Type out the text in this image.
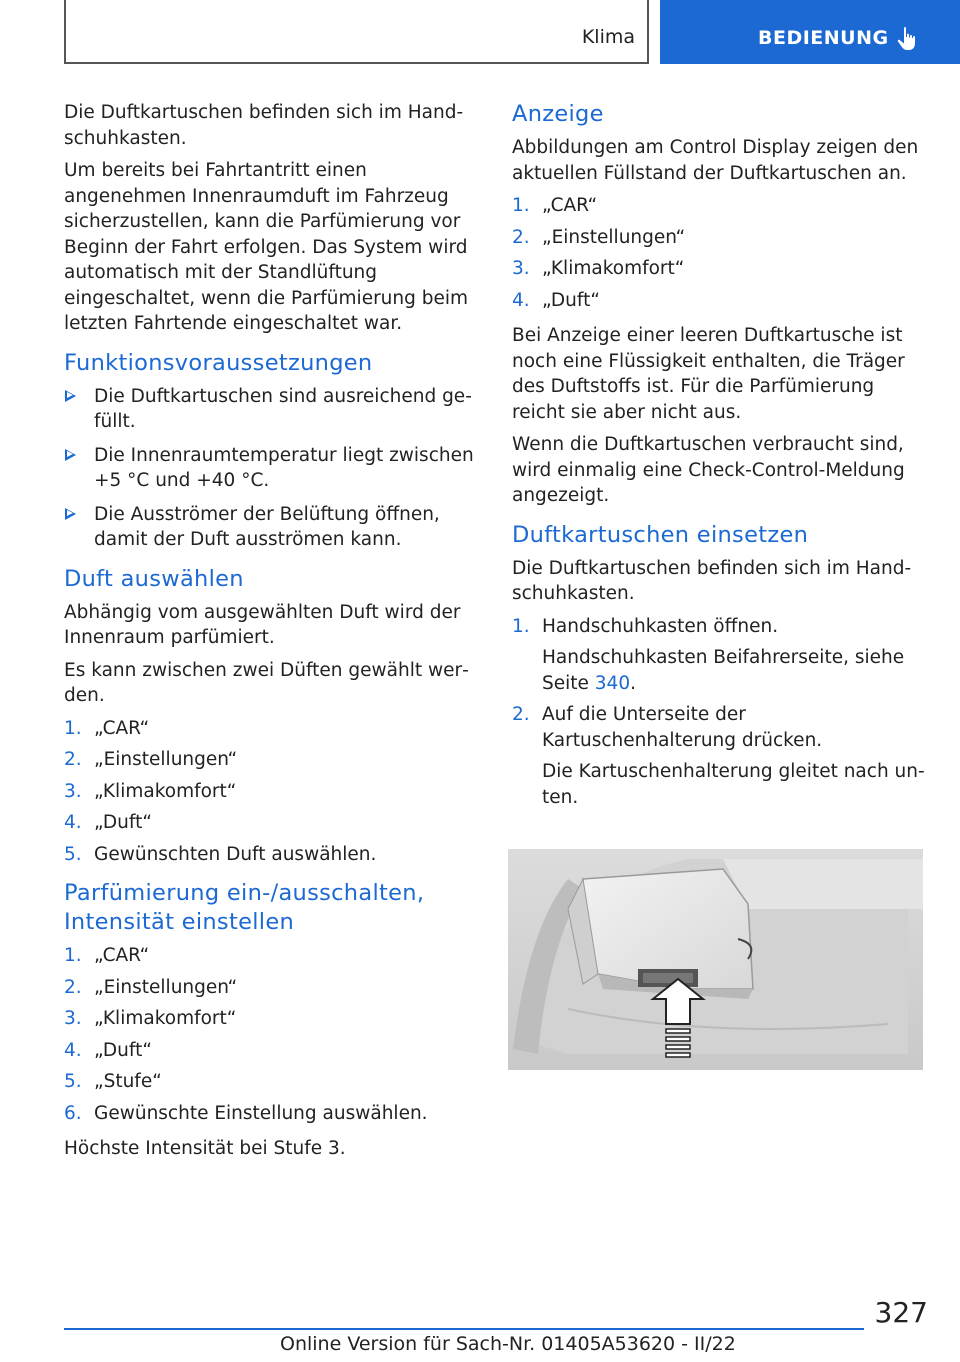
Klima	BEDIENUNG

Die Duftkartuschen befinden sich im Handschuhkasten.

Um bereits bei Fahrtantritt einen angenehmen Innenraumduft im Fahrzeug sicherzustellen, kann die Parfümierung vor Beginn der Fahrt erfolgen. Das System wird automatisch mit der Standlüftung eingeschaltet, wenn die Parfümierung beim letzten Fahrtende eingeschaltet war.

Funktionsvoraussetzungen
Die Duftkartuschen sind ausreichend gefüllt.
Die Innenraumtemperatur liegt zwischen +5 °C und +40 °C.
Die Ausströmer der Belüftung öffnen, damit der Duft ausströmen kann.
Duft auswählen

Abhängig vom ausgewählten Duft wird der Innenraum parfümiert.

Es kann zwischen zwei Düften gewählt werden.

1. „CAR“
2. „Einstellungen“
3. „Klimakomfort“
4. „Duft“
5. Gewünschten Duft auswählen.
Parfümierung ein-/ausschalten, Intensität einstellen
1. „CAR“
2. „Einstellungen“
3. „Klimakomfort“
4. „Duft“
5. „Stufe“
6. Gewünschte Einstellung auswählen.

Höchste Intensität bei Stufe 3.

Anzeige

Abbildungen am Control Display zeigen den aktuellen Füllstand der Duftkartuschen an.

1. „CAR“
2. „Einstellungen“
3. „Klimakomfort“
4. „Duft“

Bei Anzeige einer leeren Duftkartusche ist noch eine Flüssigkeit enthalten, die Träger des Duftstoffs ist. Für die Parfümierung reicht sie aber nicht aus.

Wenn die Duftkartuschen verbraucht sind, wird einmalig eine Check-Control-Meldung angezeigt.

Duftkartuschen einsetzen

Die Duftkartuschen befinden sich im Handschuhkasten.

1. Handschuhkasten öffnen.
Handschuhkasten Beifahrerseite, siehe Seite 340.
2. Auf die Unterseite der Kartuschenhalterung drücken.
Die Kartuschenhalterung gleitet nach unten.
327
Online Version für Sach-Nr. 01405A53620 - II/22
